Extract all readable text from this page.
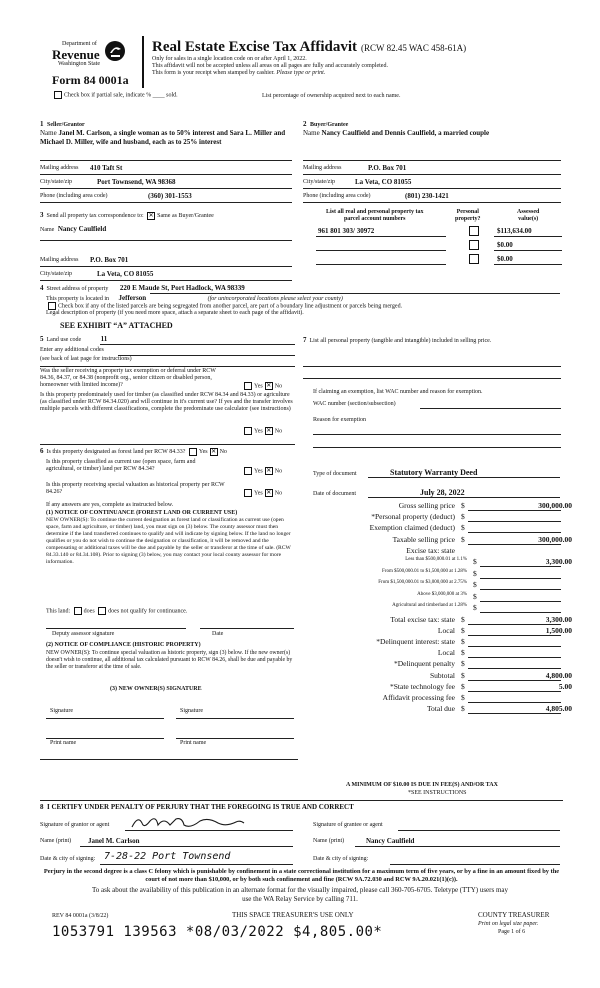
Department of
Revenue
Washington State
Form 84 0001a
Real Estate Excise Tax Affidavit (RCW 82.45 WAC 458-61A)
Only for sales in a single location code on or after April 1, 2022.
This affidavit will not be accepted unless all areas on all pages are fully and accurately completed.
This form is your receipt when stamped by cashier. Please type or print.
Check box if partial sale, indicate % ____ sold.	List percentage of ownership acquired next to each name.
1 Seller/Grantor
Name Janel M. Carlson, a single woman as to 50% interest and Sara L. Miller and Michael D. Miller, wife and husband, each as to 25% interest
Mailing address 410 Taft St
City/state/zip	Port Townsend, WA 98368
Phone (including area code)	(360) 301-1553
2 Buyer/Grantee
Name Nancy Caulfield and Dennis Caulfield, a married couple
Mailing address	P.O. Box 701
City/state/zip	La Veta, CO 81055
Phone (including area code)	(801) 230-1421
3 Send all property tax correspondence to: ✕ Same as Buyer/Grantee
Name Nancy Caulfield
Mailing address P.O. Box 701
City/state/zip	La Veta, CO 81055
List all real and personal property tax
parcel account numbers
Personal
property?
Assessed
value(s)
961 801 303/ 30972	$113,634.00
$0.00
$0.00
4 Street address of property 220 E Maude St, Port Hadlock, WA 98339
This property is located in Jefferson	(for unincorporated locations please select your county)
Check box if any of the listed parcels are being segregated from another parcel, are part of a boundary line adjustment or parcels being merged.
Legal description of property (if you need more space, attach a separate sheet to each page of the affidavit).
SEE EXHIBIT “A” ATTACHED
5 Land use code	11
Enter any additional codes
(see back of last page for instructions)
Was the seller receiving a property tax exemption or deferral under RCW 84.36, 84.37, or 84.38 (nonprofit org., senior citizen or disabled person, homeowner with limited income)?	Yes ✕ No
Is this property predominately used for timber (as classified under RCW 84.34 and 84.33) or agriculture (as classified under RCW 84.34.020) and will continue in it's current use? If yes and the transfer involves multiple parcels with different classifications, complete the predominate use calculator (see instructions)
Yes ✕ No
6 Is this property designated as forest land per RCW 84.33? Yes ✕ No
Is this property classified as current use (open space, farm and agricultural, or timber) land per RCW 84.34?	Yes ✕ No
Is this property receiving special valuation as historical property per RCW 84.26?	Yes ✕ No
If any answers are yes, complete as instructed below.
(1) NOTICE OF CONTINUANCE (FOREST LAND OR CURRENT USE)
NEW OWNER(S): To continue the current designation as forest land or classification as current use (open space, farm and agriculture, or timber) land, you must sign on (3) below. The county assessor must then determine if the land transferred continues to qualify and will indicate by signing below. If the land no longer qualifies or you do not wish to continue the designation or classification, it will be removed and the compensating or additional taxes will be due and payable by the seller or transferor at the time of sale. (RCW 84.33.140 or 84.34.108). Prior to signing (3) below, you may contact your local county assessor for more information.
This land: does does not qualify for continuance.
Deputy assessor signature	Date
(2) NOTICE OF COMPLIANCE (HISTORIC PROPERTY)
NEW OWNER(S): To continue special valuation as historic property, sign (3) below. If the new owner(s) doesn't wish to continue, all additional tax calculated pursuant to RCW 84.26, shall be due and payable by the seller or transferor at the time of sale.
(3) NEW OWNER(S) SIGNATURE
Signature	Signature
Print name	Print name
7 List all personal property (tangible and intangible) included in selling price.
If claiming an exemption, list WAC number and reason for exemption.
WAC number (section/subsection)
Reason for exemption
Type of document	Statutory Warranty Deed
Date of document	July 28, 2022
Gross selling price $	300,000.00
*Personal property (deduct) $
Exemption claimed (deduct) $
Taxable selling price $	300,000.00
Excise tax: state
Less than $500,000.01 at 1.1% $	3,300.00
From $500,000.01 to $1,500,000 at 1.28% $
From $1,500,000.01 to $3,000,000 at 2.75% $
Above $3,000,000 at 3% $
Agricultural and timberland at 1.28% $
Total excise tax: state $	3,300.00
Local $	1,500.00
*Delinquent interest: state $
Local $
*Delinquent penalty $
Subtotal $	4,800.00
*State technology fee $	5.00
Affidavit processing fee $
Total due $	4,805.00
A MINIMUM OF $10.00 IS DUE IN FEE(S) AND/OR TAX
*SEE INSTRUCTIONS
8 I CERTIFY UNDER PENALTY OF PERJURY THAT THE FOREGOING IS TRUE AND CORRECT
Signature of grantor or agent	Signature of grantee or agent
Name (print) Janel M. Carlson	Name (print)	Nancy Caulfield
Date & city of signing: 7-28-22 Port Townsend	Date & city of signing:
Perjury in the second degree is a class C felony which is punishable by confinement in a state correctional institution for a maximum term of five years, or by a fine in an amount fixed by the court of not more than $10,000, or by both such confinement and fine (RCW 9A.72.030 and RCW 9A.20.021(1)(c)).
To ask about the availability of this publication in an alternate format for the visually impaired, please call 360-705-6705. Teletype (TTY) users may use the WA Relay Service by calling 711.
REV 84 0001a (3/8/22)	THIS SPACE TREASURER'S USE ONLY	COUNTY TREASURER
Print on legal size paper.
Page 1 of 6
1053791 139563 *08/03/2022 $4,805.00*
